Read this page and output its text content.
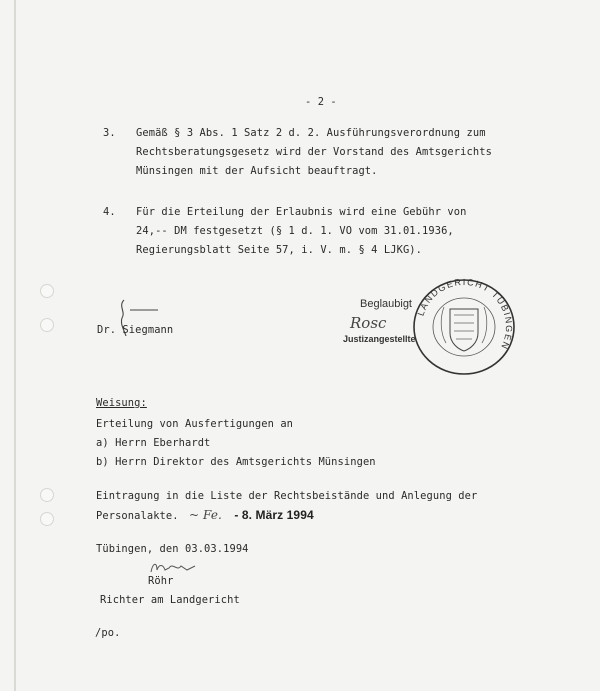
- 2 -
3. Gemäß § 3 Abs. 1 Satz 2 d. 2. Ausführungsverordnung zum
Rechtsberatungsgesetz wird der Vorstand des Amtsgerichts
Münsingen mit der Aufsicht beauftragt.
4. Für die Erteilung der Erlaubnis wird eine Gebühr von
24,-- DM festgesetzt (§ 1 d. 1. VO vom 31.01.1936,
Regierungsblatt Seite 57, i. V. m. § 4 LJKG).
Dr. Siegmann
Beglaubigt
Rosc
Justizangestellte
LANDGERICHT TÜBINGEN
Weisung:
Erteilung von Ausfertigungen an
a) Herrn Eberhardt
b) Herrn Direktor des Amtsgerichts Münsingen
Eintragung in die Liste der Rechtsbeistände und Anlegung der
Personalakte. ~ Fe. - 8. März 1994
Tübingen, den 03.03.1994
Röhr
Richter am Landgericht
/po.
